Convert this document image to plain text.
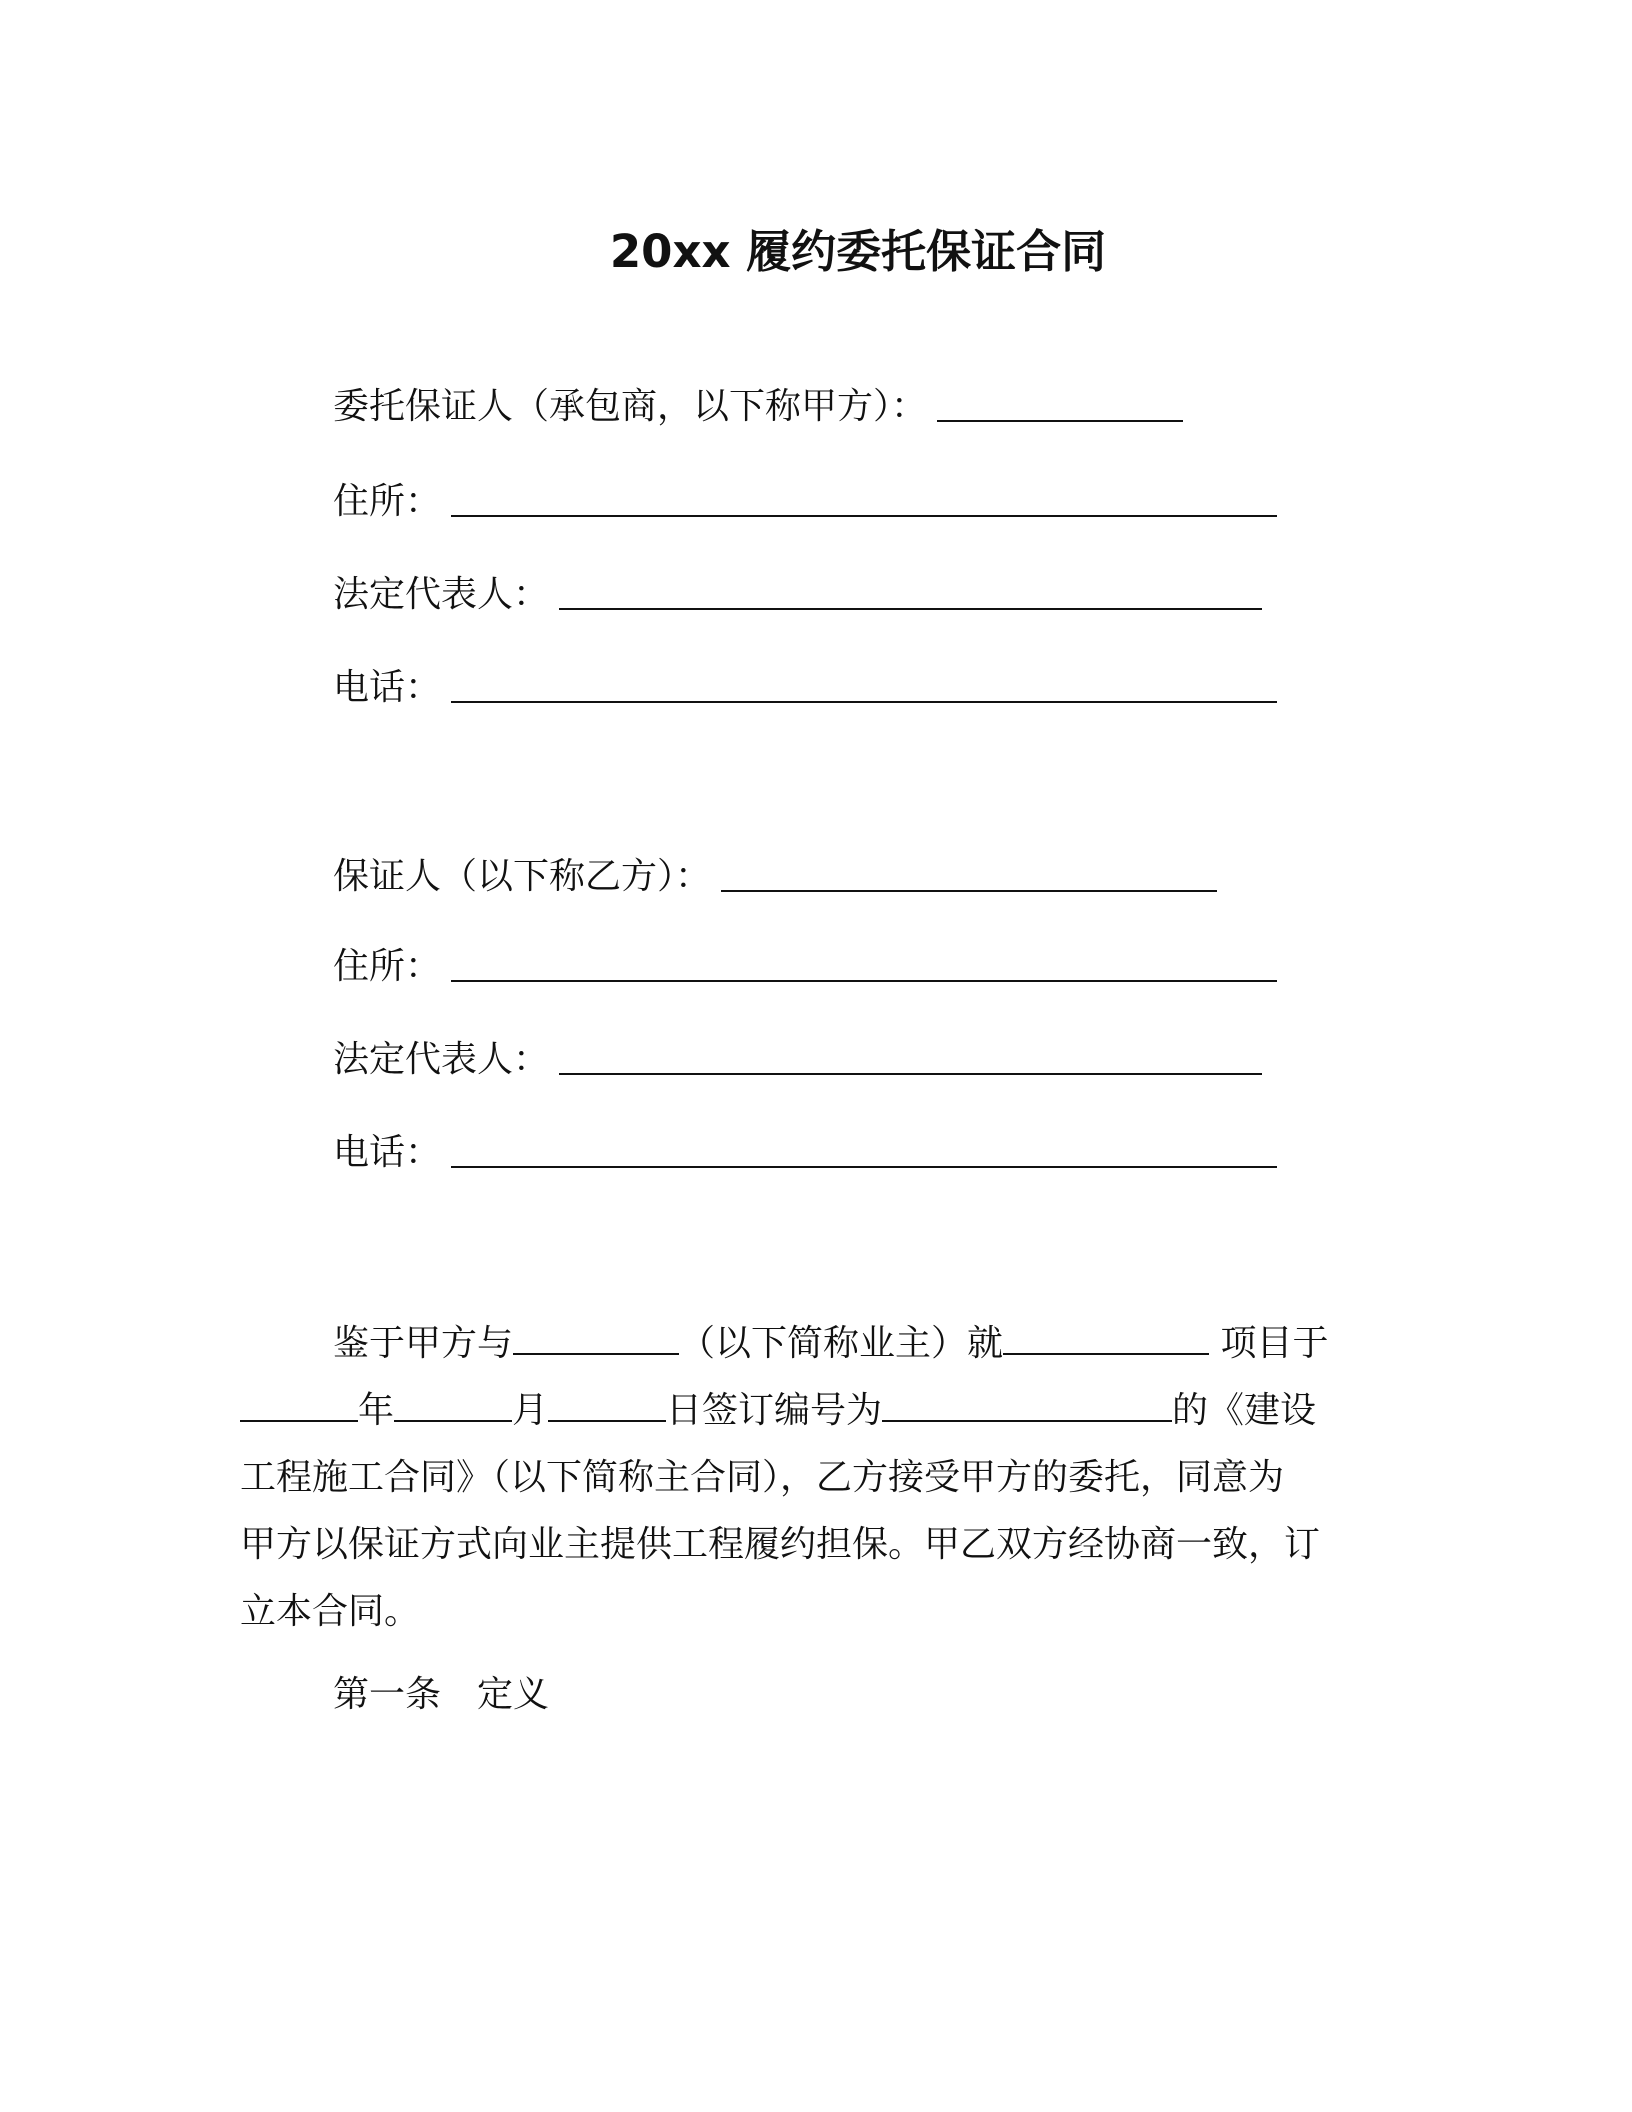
20xx 履约委托保证合同
委托保证人（承包商，以下称甲方）：
住所：
法定代表人：
电话：
保证人（以下称乙方）：
住所：
法定代表人：
电话：
鉴于甲方与	（以下简称业主）就	项目于
年	月	日签订编号为	的《建设
工程施工合同》（以下简称主合同），乙方接受甲方的委托，同意为
甲方以保证方式向业主提供工程履约担保。甲乙双方经协商一致，订
立本合同。
第一条 定义
